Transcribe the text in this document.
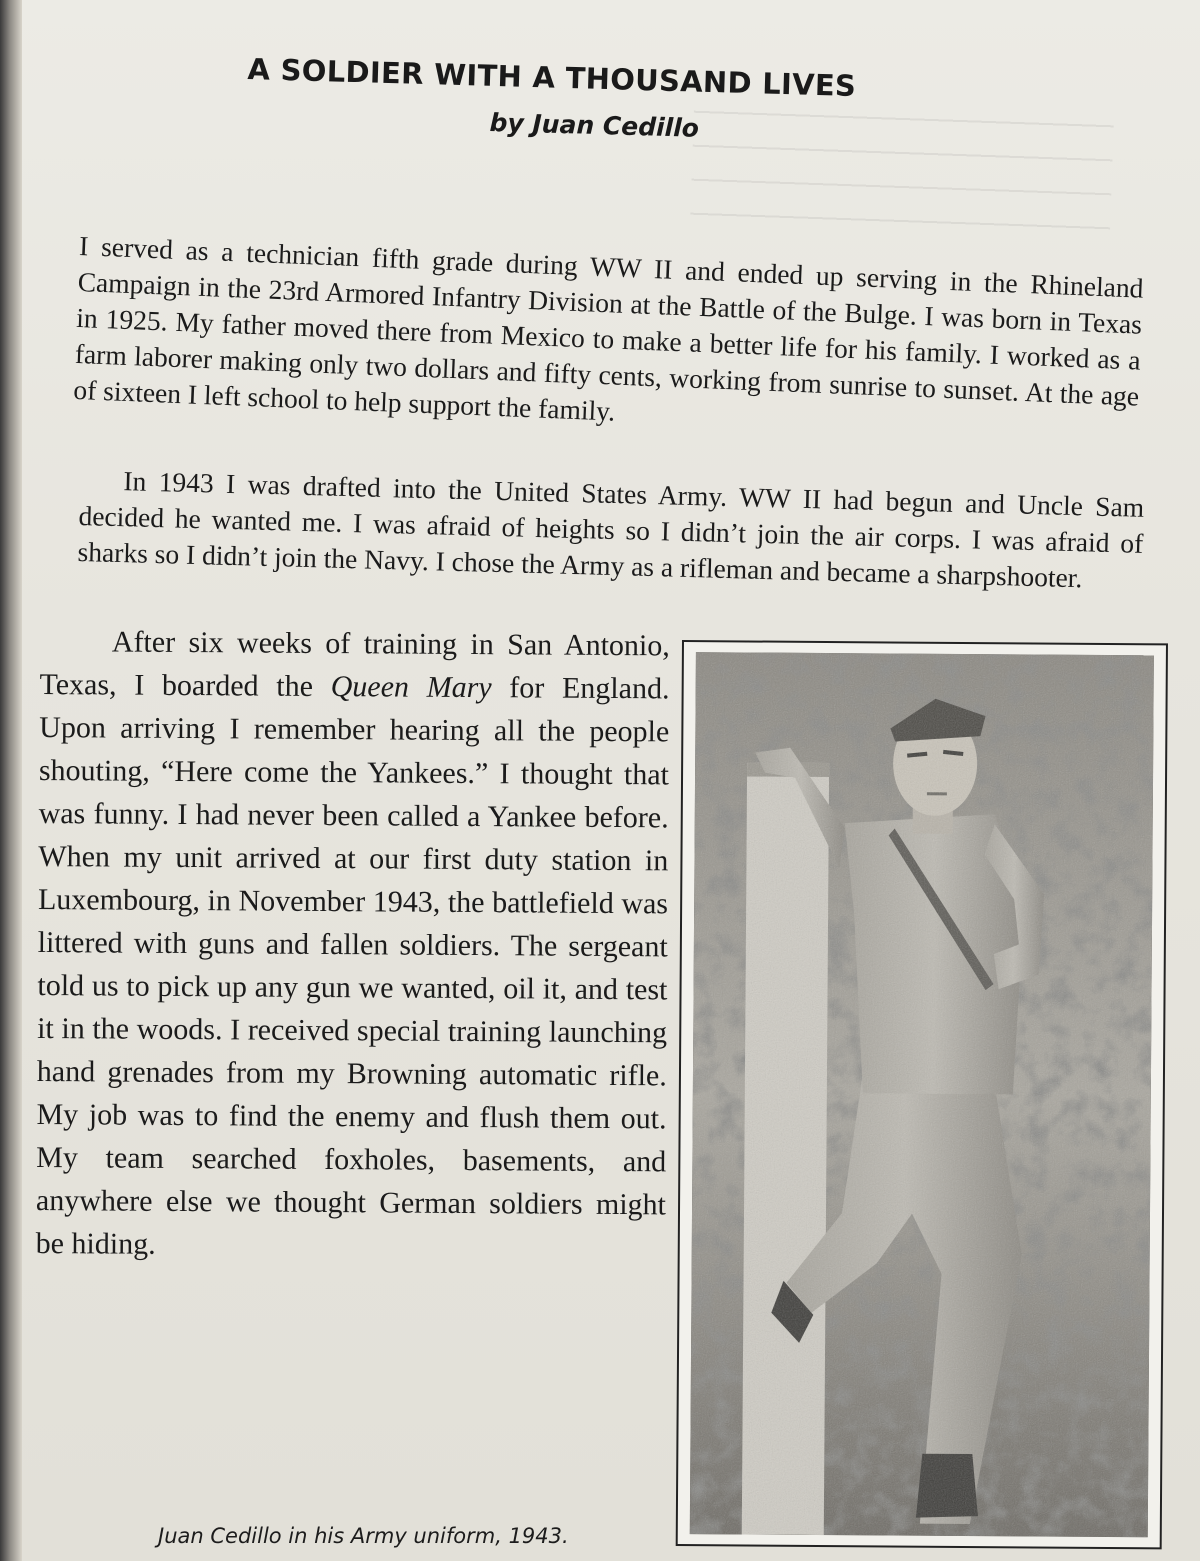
A SOLDIER WITH A THOUSAND LIVES
by Juan Cedillo

I served as a technician fifth grade during WW II and ended up serving in the Rhineland Campaign in the 23rd Armored Infantry Division at the Battle of the Bulge. I was born in Texas in 1925. My father moved there from Mexico to make a better life for his family. I worked as a farm laborer making only two dollars and fifty cents, working from sunrise to sunset. At the age of sixteen I left school to help support the family.

In 1943 I was drafted into the United States Army. WW II had begun and Uncle Sam decided he wanted me. I was afraid of heights so I didn’t join the air corps. I was afraid of sharks so I didn’t join the Navy. I chose the Army as a rifleman and became a sharpshooter.

After six weeks of training in San Antonio, Texas, I boarded the Queen Mary for England. Upon arriving I remember hearing all the people shouting, “Here come the Yankees.” I thought that was funny. I had never been called a Yankee before. When my unit arrived at our first duty station in Luxembourg, in November 1943, the battlefield was littered with guns and fallen soldiers. The sergeant told us to pick up any gun we wanted, oil it, and test it in the woods. I received special training launching hand grenades from my Browning automatic rifle. My job was to find the enemy and flush them out. My team searched foxholes, basements, and anywhere else we thought German soldiers might be hiding.

Juan Cedillo in his Army uniform, 1943.
